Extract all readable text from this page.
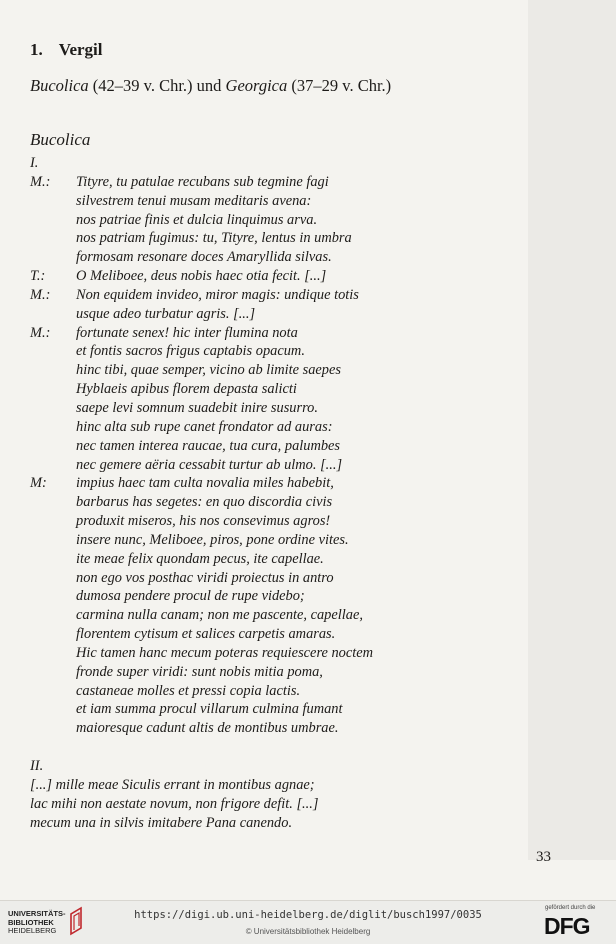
1. Vergil
Bucolica (42–39 v. Chr.) und Georgica (37–29 v. Chr.)
Bucolica
I.
M.:	Tityre, tu patulae recubans sub tegmine fagi
silvestrem tenui musam meditaris avena:
nos patriae finis et dulcia linquimus arva.
nos patriam fugimus: tu, Tityre, lentus in umbra
formosam resonare doces Amaryllida silvas.
T.:	O Meliboee, deus nobis haec otia fecit. [...]
M.:	Non equidem invideo, miror magis: undique totis
usque adeo turbatur agris. [...]
M.:	fortunate senex! hic inter flumina nota
et fontis sacros frigus captabis opacum.
hinc tibi, quae semper, vicino ab limite saepes
Hyblaeis apibus florem depasta salicti
saepe levi somnum suadebit inire susurro.
hinc alta sub rupe canet frondator ad auras:
nec tamen interea raucae, tua cura, palumbes
nec gemere aëria cessabit turtur ab ulmo. [...]
M:	impius haec tam culta novalia miles habebit,
barbarus has segetes: en quo discordia civis
produxit miseros, his nos consevimus agros!
insere nunc, Meliboee, piros, pone ordine vites.
ite meae felix quondam pecus, ite capellae.
non ego vos posthac viridi proiectus in antro
dumosa pendere procul de rupe videbo;
carmina nulla canam; non me pascente, capellae,
florentem cytisum et salices carpetis amaras.
Hic tamen hanc mecum poteras requiescere noctem
fronde super viridi: sunt nobis mitia poma,
castaneae molles et pressi copia lactis.
et iam summa procul villarum culmina fumant
maioresque cadunt altis de montibus umbrae.
II.
[...] mille meae Siculis errant in montibus agnae;
lac mihi non aestate novum, non frigore defit. [...]
mecum una in silvis imitabere Pana canendo.
33
UNIVERSITÄTS-
BIBLIOTHEK
HEIDELBERG
https://digi.ub.uni-heidelberg.de/diglit/busch1997/0035
© Universitätsbibliothek Heidelberg
gefördert durch die
DFG
